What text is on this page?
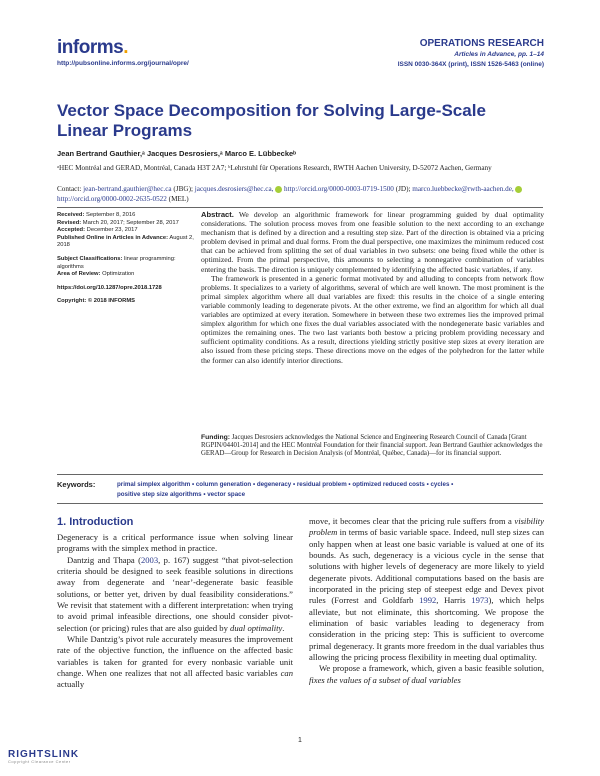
informs.
http://pubsonline.informs.org/journal/opre/
OPERATIONS RESEARCH
Articles in Advance, pp. 1–14
ISSN 0030-364X (print), ISSN 1526-5463 (online)
Vector Space Decomposition for Solving Large-Scale Linear Programs
Jean Bertrand Gauthier,ᵃ Jacques Desrosiers,ᵃ Marco E. Lübbeckeᵇ
ᵃHEC Montréal and GERAD, Montréal, Canada H3T 2A7; ᵇLehrstuhl für Operations Research, RWTH Aachen University, D-52072 Aachen, Germany
Contact: jean-bertrand.gauthier@hec.ca (JBG); jacques.desrosiers@hec.ca, http://orcid.org/0000-0003-0719-1500 (JD); marco.luebbecke@rwth-aachen.de,  http://orcid.org/0000-0002-2635-0522 (MEL)
Received: September 8, 2016
Revised: March 20, 2017; September 28, 2017
Accepted: December 23, 2017
Published Online in Articles in Advance: August 2, 2018
Subject Classifications: linear programming: algorithms
Area of Review: Optimization
https://doi.org/10.1287/opre.2018.1728
Copyright: © 2018 INFORMS

Abstract. We develop an algorithmic framework for linear programming guided by dual optimality considerations. The solution process moves from one feasible solution to the next according to an exchange mechanism that is defined by a direction and a resulting step size. Part of the direction is obtained via a pricing problem devised in primal and dual forms. From the dual perspective, one maximizes the minimum reduced cost that can be achieved from splitting the set of dual variables in two subsets: one being fixed while the other is optimized. From the primal perspective, this amounts to selecting a nonnegative combination of variables entering the basis. The direction is uniquely complemented by identifying the affected basic variables, if any.

The framework is presented in a generic format motivated by and alluding to concepts from network flow problems. It specializes to a variety of algorithms, several of which are well known. The most prominent is the primal simplex algorithm where all dual variables are fixed: this results in the choice of a single entering variable commonly leading to degenerate pivots. At the other extreme, we find an algorithm for which all dual variables are optimized at every iteration. Somewhere in between these two extremes lies the improved primal simplex algorithm for which one fixes the dual variables associated with the nondegenerate basic variables and optimizes the remaining ones. The two last variants both bestow a pricing problem providing necessary and sufficient optimality conditions. As a result, directions yielding strictly positive step sizes at every iteration are also issued from these pricing steps. These directions move on the edges of the polyhedron for the latter while the former can also identify interior directions.

Funding: Jacques Desrosiers acknowledges the National Science and Engineering Research Council of Canada [Grant RGPIN/04401-2014] and the HEC Montréal Foundation for their financial support. Jean Bertrand Gauthier acknowledges the GERAD—Group for Research in Decision Analysis (of Montréal, Québec, Canada)—for its financial support.
Keywords:	primal simplex algorithm • column generation • degeneracy • residual problem • optimized reduced costs • cycles •
positive step size algorithms • vector space
1. Introduction

Degeneracy is a critical performance issue when solving linear programs with the simplex method in practice.

Dantzig and Thapa (2003, p. 167) suggest “that pivot-selection criteria should be designed to seek feasible solutions in directions away from degenerate and ‘near’-degenerate basic feasible solutions, or better yet, driven by dual feasibility considerations.” We revisit that statement with a different interpretation: when trying to avoid primal infeasible directions, one should consider pivot-selection (or pricing) rules that are also guided by dual optimality.

While Dantzig’s pivot rule accurately measures the improvement rate of the objective function, the influence on the affected basic variables is taken for granted for every nonbasic variable unit change. When one realizes that not all affected basic variables can actually

move, it becomes clear that the pricing rule suffers from a visibility problem in terms of basic variable space. Indeed, null step sizes can only happen when at least one basic variable is valued at one of its bounds. As such, degeneracy is a vicious cycle in the sense that solutions with higher levels of degeneracy are more likely to yield degenerate pivots. Additional computations based on the basis are incorporated in the pricing step of steepest edge and Devex pivot rules (Forrest and Goldfarb 1992, Harris 1973), which helps alleviate, but not eliminate, this shortcoming. We propose the elimination of basic variables leading to degeneracy from consideration in the pricing step: This is sufficient to overcome primal degeneracy. It grants more freedom in the dual variables thus allowing the pricing process flexibility in meeting dual optimality.

We propose a framework, which, given a basic feasible solution, fixes the values of a subset of dual variables

1
RIGHTSLINK
Copyright Clearance Center
